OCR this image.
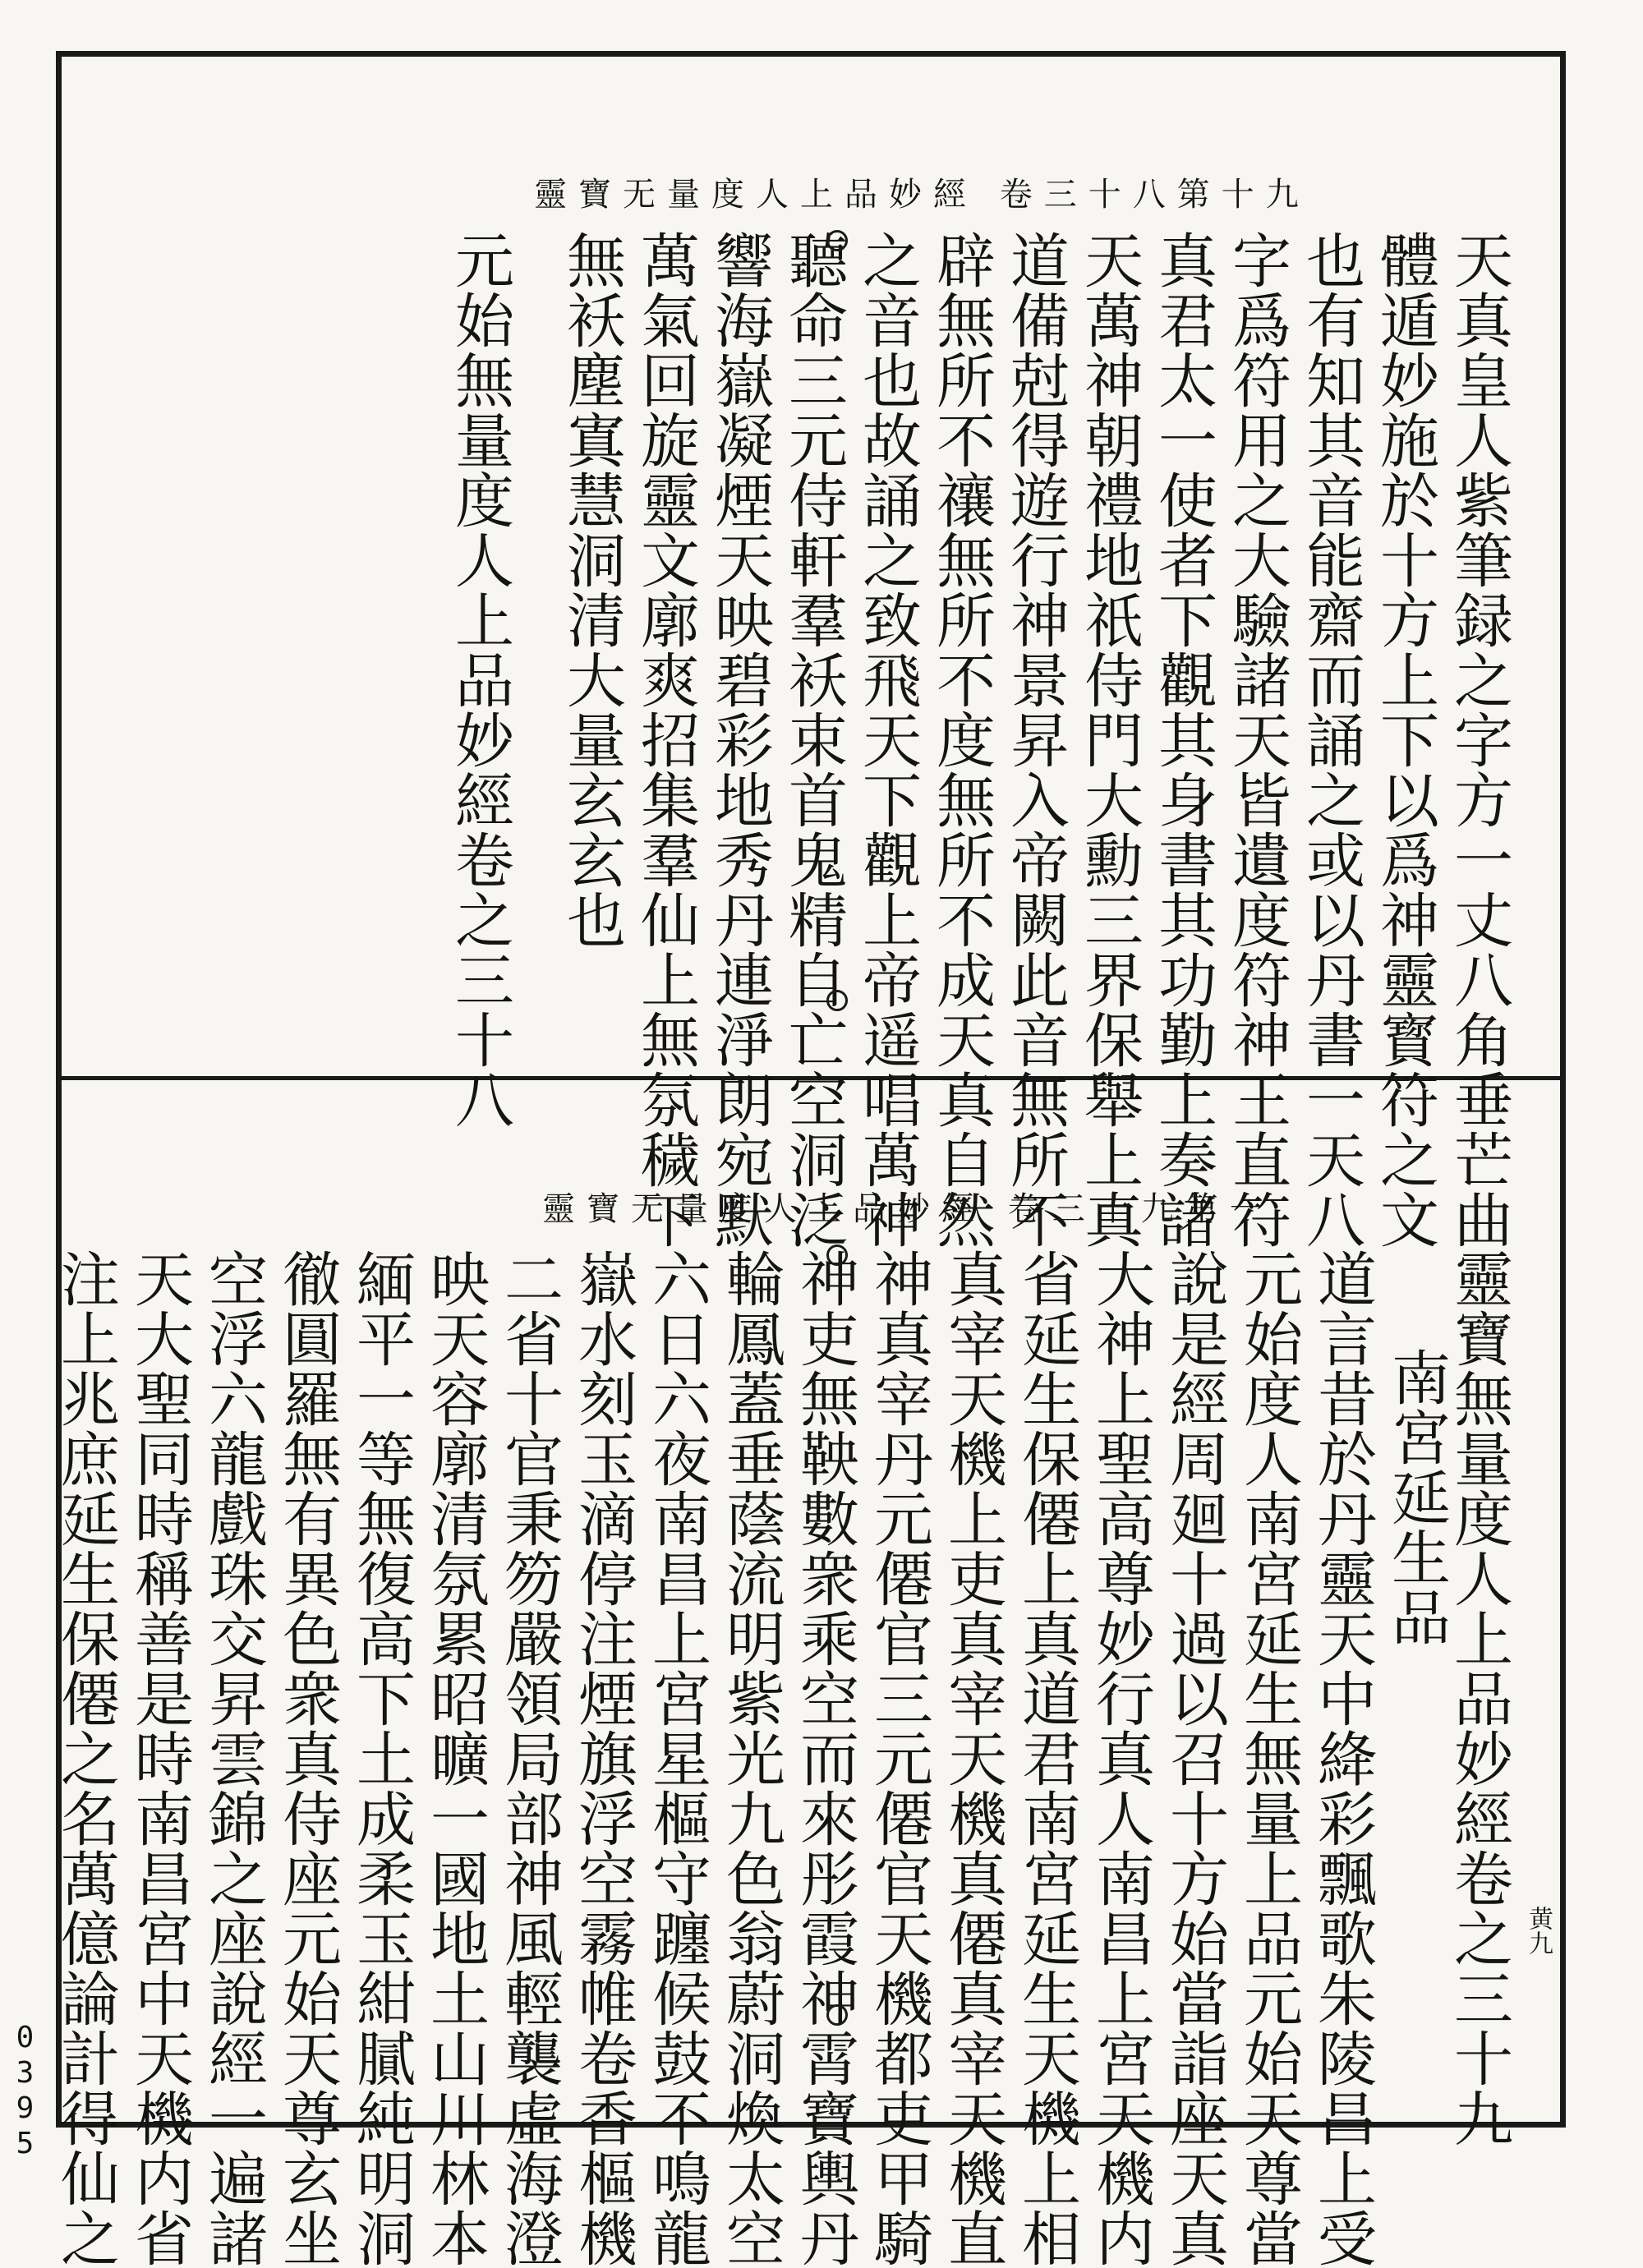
靈寶无量度人上品妙經 卷三十八第十九
天真皇人紫筆録之字方一丈八角垂芒曲
體遁妙施於十方上下以爲神靈寳符之文
也有知其音能齋而誦之或以丹書一天八
字爲符用之大驗諸天皆遺度符神王直符
真君太一使者下觀其身書其功勤上奏諸
天萬神朝禮地祇侍門大勳三界保舉上真
道備尅得遊行神景昇入帝闕此音無所不
辟無所不禳無所不度無所不成天真自然
之音也故誦之致飛天下觀上帝遥唱萬神
聽命三元侍軒羣袄束首鬼精自亡空洞泛
響海嶽凝煙天映碧彩地秀丹連淨朗宛默
萬氣回旋靈文廓爽招集羣仙上無氛穢下
無袄塵寘慧洞清大量玄玄也
元始無量度人上品妙經卷之三十八
靈寶无量度人上品妙經 卷三十九第一
靈寶無量度人上品妙經卷之三十九 黄九
南宮延生品
道言昔於丹靈天中絳彩飄歌朱陵昌上受
元始度人南宮延生無量上品元始天尊當
說是經周廻十過以召十方始當詣座天真
大神上聖高尊妙行真人南昌上宮天機内
省延生保僊上真道君南宮延生天機上相
真宰天機上吏真宰天機真僊真宰天機直
神真宰丹元僊官三元僊官天機都吏甲騎
神吏無鞅數衆乘空而來彤霞神霄寶輿丹
輪鳳蓋垂蔭流明紫光九色翁蔚洞煥太空
六日六夜南昌上宮星樞守躔候鼓不鳴龍
嶽水刻玉滴停注煙旗浮空霧帷卷香樞機
二省十官秉笏嚴領局部神風輕襲虛海澄
映天容廓清氛累昭曠一國地土山川林本
緬平一等無復高下土成柔玉紺膩純明洞
徹圓羅無有異色衆真侍座元始天尊玄坐
空浮六龍戲珠交昇雲錦之座說經一遍諸
天大聖同時稱善是時南昌宮中天機内省
注上兆庶延生保僊之名萬億論計得仙之
0395
